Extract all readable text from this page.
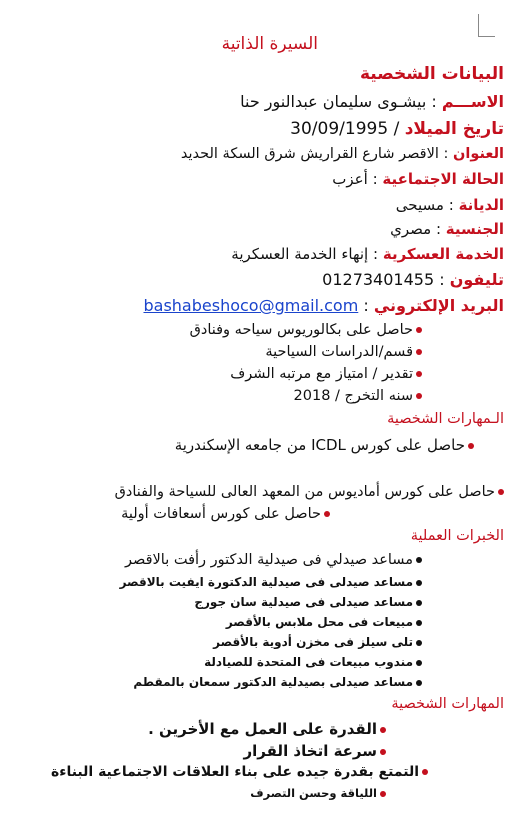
السيرة الذاتية
البيانات الشخصية
الاســـم : بيشـوى سليمان عبدالنور حنا
تاريخ الميلاد / 30/09/1995
العنوان : الاقصر شارع القراريش شرق السكة الحديد
الحالة الاجتماعية : أعزب
الديانة : مسيحى
الجنسية : مصري
الخدمة العسكرية : إنهاء الخدمة العسكرية
تليفون : 01273401455
البريد الإلكتروني : bashabeshoco@gmail.com
حاصل على بكالوريوس سياحه وفنادق
قسم/الدراسات السياحية
تقدير / امتياز مع مرتبه الشرف
سنه التخرج / 2018
الـمهارات الشخصية
حاصل على كورس ICDL من جامعه الإسكندرية
حاصل على كورس أماديوس من المعهد العالى للسياحة والفنادق
حاصل على كورس أسعافات أولية
الخبرات العملية
مساعد صيدلي فى صيدلية الدكتور رأفت بالاقصر
مساعد صيدلى فى صيدلية الدكتورة ايفيت بالاقصر
مساعد صيدلى فى صيدلية سان جورج
مبيعات فى محل ملابس بالأقصر
تلى سيلز فى مخزن أدوية بالأقصر
مندوب مبيعات فى المتحدة للصيادلة
مساعد صيدلى بصيدلية الدكتور سمعان بالمقطم
المهارات الشخصية
القدرة على العمل مع الأخرين .
سرعة اتخاذ القرار
التمتع بقدرة جيده على بناء العلاقات الاجتماعية البناءة
اللياقة وحسن التصرف
